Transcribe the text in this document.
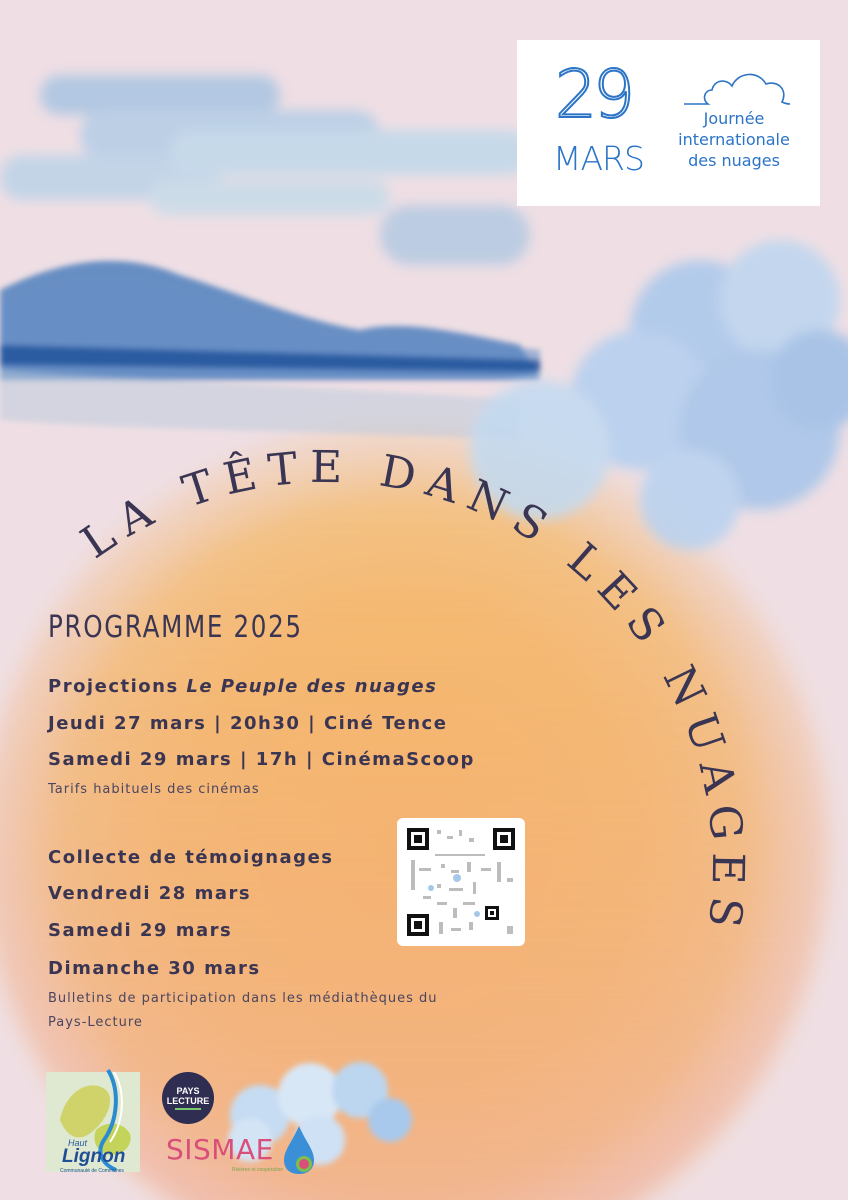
29
MARS
Journée
internationale
des nuages
LA TÊTE DANS LES NUAGES
PROGRAMME 2025
Projections Le Peuple des nuages
Jeudi 27 mars | 20h30 | Ciné Tence
Samedi 29 mars | 17h | CinémaScoop
Tarifs habituels des cinémas
Collecte de témoignages
Vendredi 28 mars
Samedi 29 mars
Dimanche 30 mars
Bulletins de participation dans les médiathèques du
Pays-Lecture
Haut
Lignon
Communauté de Communes
PAYS
LECTURE
SISMAE
Rivières et coopération
